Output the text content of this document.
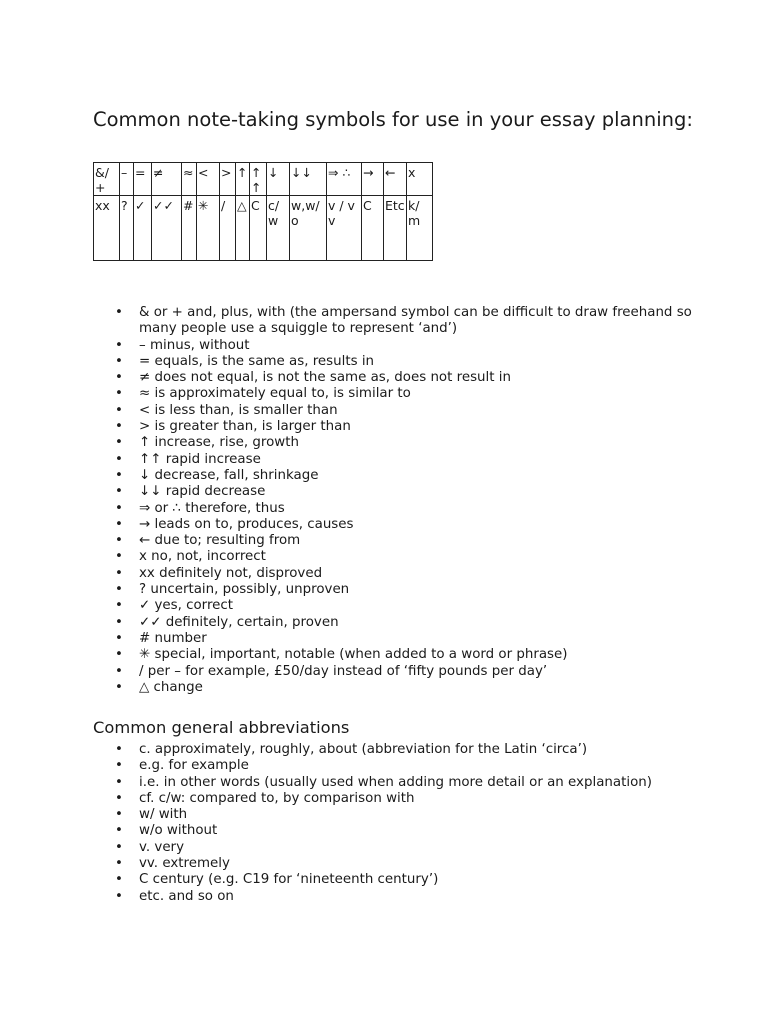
Common note-taking symbols for use in your essay planning:
&/+	–	=	≠	≈	<	>	↑	↑↑	↓	↓↓	⇒ ∴	→	←	x
xx	?	✓	✓✓	#	✳	/	△	C	c/ w	w,w/o	v / vv	C	Etc	k/m
• & or + and, plus, with (the ampersand symbol can be difficult to draw freehand so many people use a squiggle to represent ‘and’)
• – minus, without
• = equals, is the same as, results in
• ≠ does not equal, is not the same as, does not result in
• ≈ is approximately equal to, is similar to
• < is less than, is smaller than
• > is greater than, is larger than
• ↑ increase, rise, growth
• ↑↑ rapid increase
• ↓ decrease, fall, shrinkage
• ↓↓ rapid decrease
• ⇒ or ∴ therefore, thus
• → leads on to, produces, causes
• ← due to; resulting from
• x no, not, incorrect
• xx definitely not, disproved
• ? uncertain, possibly, unproven
• ✓ yes, correct
• ✓✓ definitely, certain, proven
• # number
• ✳ special, important, notable (when added to a word or phrase)
• / per – for example, £50/day instead of ‘fifty pounds per day’
• △ change
Common general abbreviations
• c. approximately, roughly, about (abbreviation for the Latin ‘circa’)
• e.g. for example
• i.e. in other words (usually used when adding more detail or an explanation)
• cf. c/w: compared to, by comparison with
• w/ with
• w/o without
• v. very
• vv. extremely
• C century (e.g. C19 for ‘nineteenth century’)
• etc. and so on
